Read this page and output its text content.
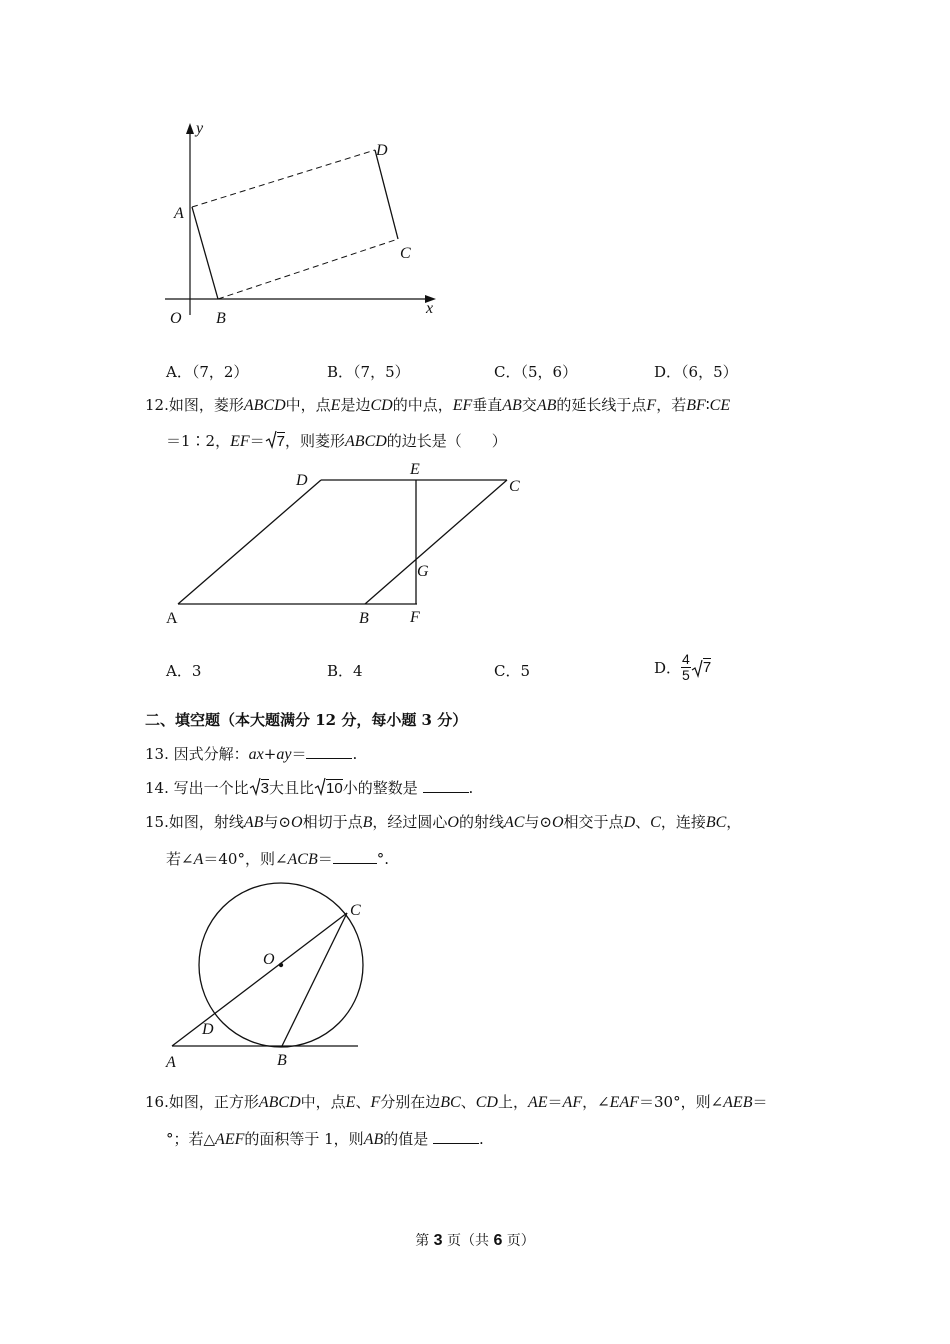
y
x
O
A
B
C
D
A．（7，2）	B．（7，5）	C．（5，6）	D．（6，5）
12.如图，菱形ABCD中，点E是边CD的中点，EF垂直AB交AB的延长线于点F，若BF∶CE
＝1∶2，EF＝ 7，则菱形ABCD的边长是（　　）
A	B	F
G
D
E
C
A．3	B．4	C．5	D． $\frac{4}{5} 7$
二、填空题（本大题满分 12 分，每小题 3 分）
13. 因式分解：ax+ay＝	.
14. 写出一个比 3大且比 10小的整数是	.
15.如图，射线AB与⊙O相切于点B，经过圆心O的射线AC与⊙O相交于点D、C，连接BC，
若∠A＝40°，则∠ACB＝	°.
O
C
D
A	B
16.如图，正方形ABCD中，点E、F分别在边BC、CD上，AE＝AF，∠EAF＝30°，则∠AEB＝
°；若△AEF的面积等于 1，则AB的值是	.
第 3 页（共 6 页）
